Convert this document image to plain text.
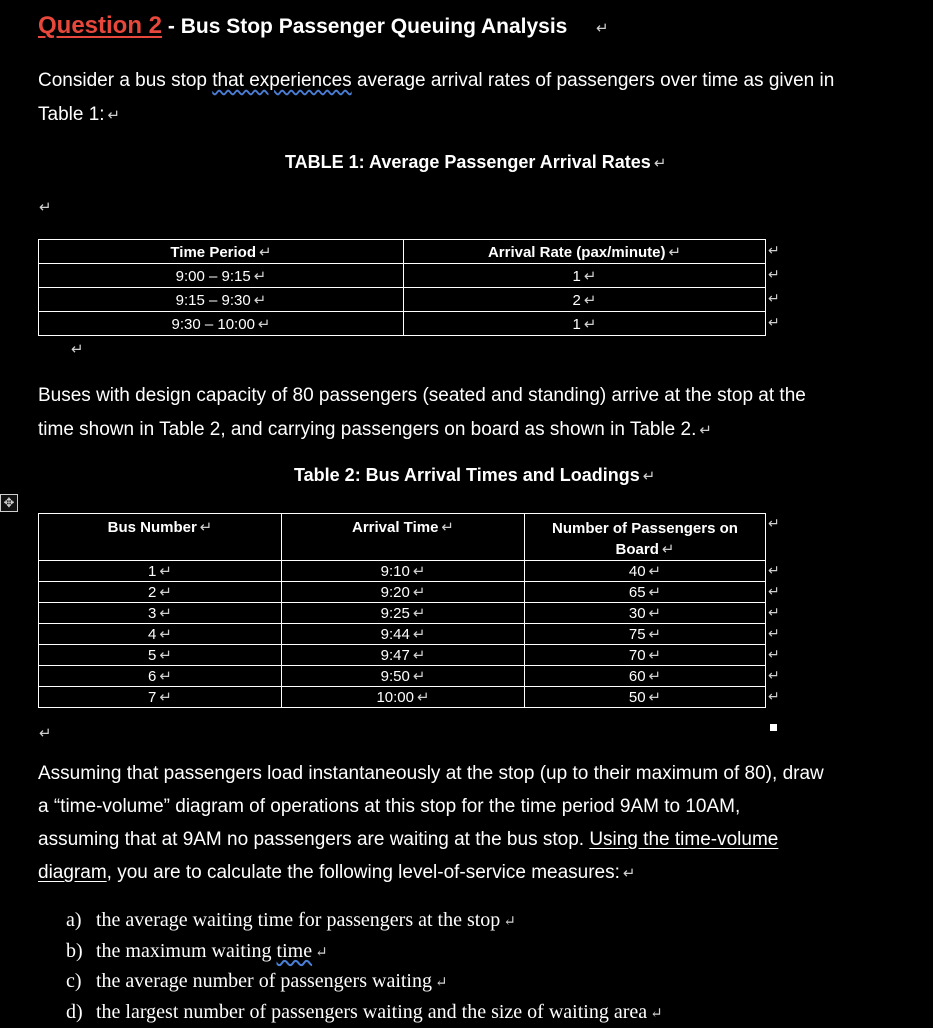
Question 2 - Bus Stop Passenger Queuing Analysis ↵
Consider a bus stop that experiences average arrival rates of passengers over time as given in
Table 1: ↵
TABLE 1: Average Passenger Arrival Rates ↵
↵
Time Period ↵	Arrival Rate (pax/minute) ↵
9:00 – 9:15 ↵	1 ↵
9:15 – 9:30 ↵	2 ↵
9:30 – 10:00 ↵	1 ↵
↵
↵
↵
↵
↵
Buses with design capacity of 80 passengers (seated and standing) arrive at the stop at the
time shown in Table 2, and carrying passengers on board as shown in Table 2. ↵
Table 2: Bus Arrival Times and Loadings ↵
✥
Bus Number ↵	Arrival Time ↵	Number of Passengers on
Board ↵
1 ↵	9:10 ↵	40 ↵
2 ↵	9:20 ↵	65 ↵
3 ↵	9:25 ↵	30 ↵
4 ↵	9:44 ↵	75 ↵
5 ↵	9:47 ↵	70 ↵
6 ↵	9:50 ↵	60 ↵
7 ↵	10:00 ↵	50 ↵
↵
↵
↵
↵
↵
↵
↵
↵
↵
Assuming that passengers load instantaneously at the stop (up to their maximum of 80), draw
a “time-volume” diagram of operations at this stop for the time period 9AM to 10AM,
assuming that at 9AM no passengers are waiting at the bus stop. Using the time-volume
diagram, you are to calculate the following level-of-service measures: ↵
a) the average waiting time for passengers at the stop ↵
b) the maximum waiting time ↵
c) the average number of passengers waiting ↵
d) the largest number of passengers waiting and the size of waiting area ↵
